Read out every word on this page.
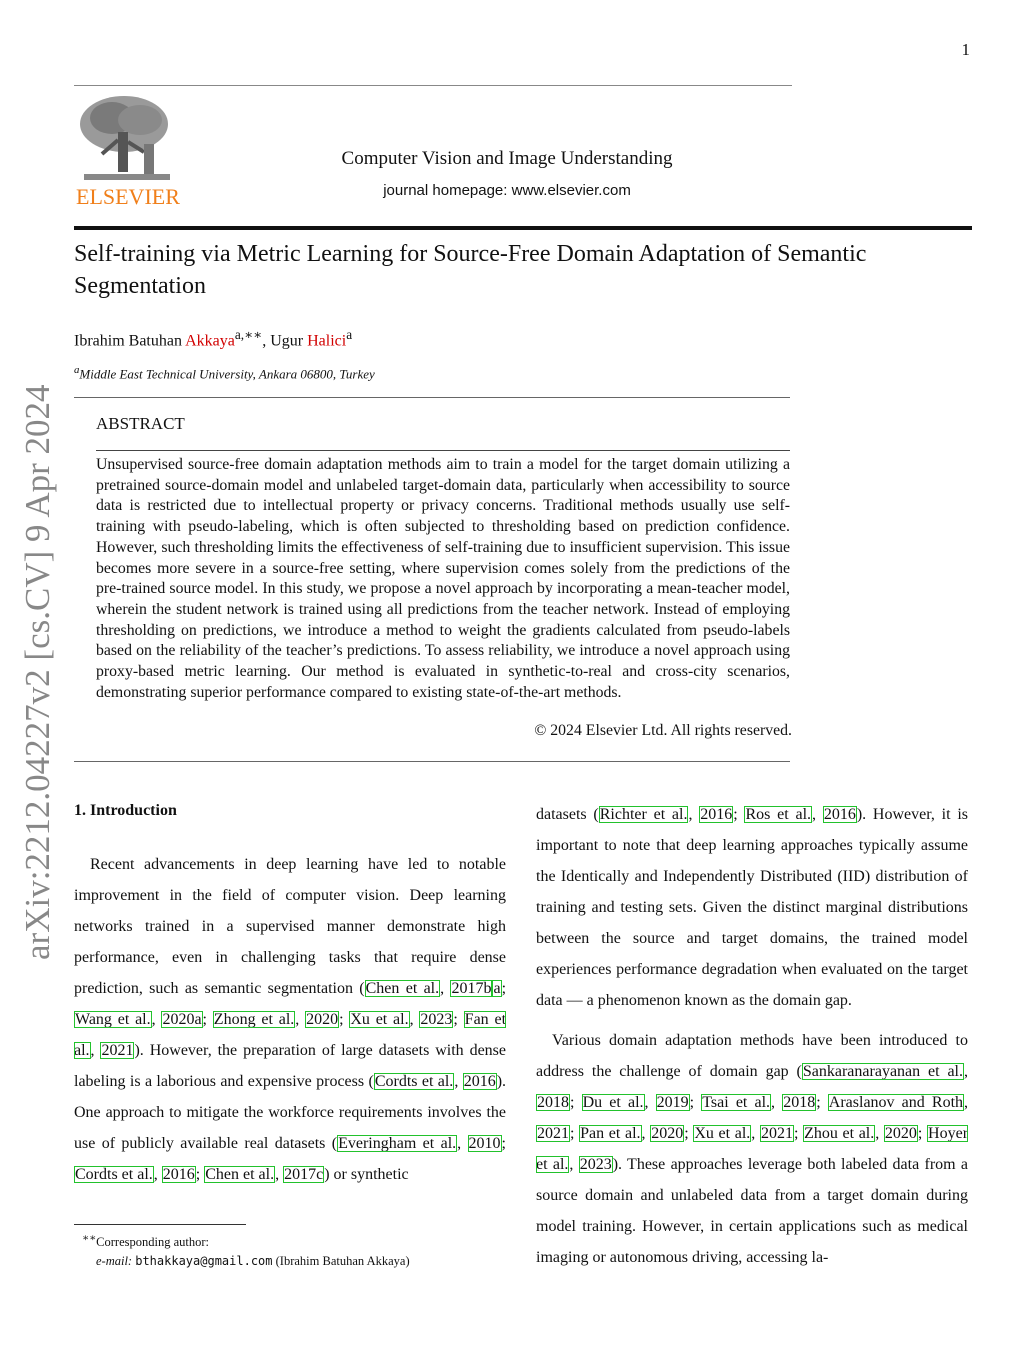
1
ELSEVIER
Computer Vision and Image Understanding
journal homepage: www.elsevier.com
Self-training via Metric Learning for Source-Free Domain Adaptation of Semantic Segmentation
Ibrahim Batuhan Akkaya$^{a,∗∗}$, Ugur Halici$^a$
$^a$Middle East Technical University, Ankara 06800, Turkey
ABSTRACT
Unsupervised source-free domain adaptation methods aim to train a model for the target domain utilizing a pretrained source-domain model and unlabeled target-domain data, particularly when accessibility to source data is restricted due to intellectual property or privacy concerns. Traditional methods usually use self-training with pseudo-labeling, which is often subjected to thresholding based on prediction confidence. However, such thresholding limits the effectiveness of self-training due to insufficient supervision. This issue becomes more severe in a source-free setting, where supervision comes solely from the predictions of the pre-trained source model. In this study, we propose a novel approach by incorporating a mean-teacher model, wherein the student network is trained using all predictions from the teacher network. Instead of employing thresholding on predictions, we introduce a method to weight the gradients calculated from pseudo-labels based on the reliability of the teacher’s predictions. To assess reliability, we introduce a novel approach using proxy-based metric learning. Our method is evaluated in synthetic-to-real and cross-city scenarios, demonstrating superior performance compared to existing state-of-the-art methods.
© 2024 Elsevier Ltd. All rights reserved.
arXiv:2212.04227v2 [cs.CV] 9 Apr 2024	1. Introduction

Recent advancements in deep learning have led to notable improvement in the field of computer vision. Deep learning networks trained in a supervised manner demonstrate high performance, even in challenging tasks that require dense prediction, such as semantic segmentation (Chen et al., 2017b a; Wang et al., 2020a; Zhong et al., 2020; Xu et al., 2023; Fan et al., 2021). However, the preparation of large datasets with dense labeling is a laborious and expensive process (Cordts et al., 2016). One approach to mitigate the workforce requirements involves the use of publicly available real datasets (Everingham et al., 2010; Cordts et al., 2016; Chen et al., 2017c) or synthetic

datasets (Richter et al., 2016; Ros et al., 2016). However, it is important to note that deep learning approaches typically assume the Identically and Independently Distributed (IID) distribution of training and testing sets. Given the distinct marginal distributions between the source and target domains, the trained model experiences performance degradation when evaluated on the target data — a phenomenon known as the domain gap.

Various domain adaptation methods have been introduced to address the challenge of domain gap (Sankaranarayanan et al., 2018; Du et al., 2019; Tsai et al., 2018; Araslanov and Roth, 2021; Pan et al., 2020; Xu et al., 2021; Zhou et al., 2020; Hoyer et al., 2023). These approaches leverage both labeled data from a source domain and unlabeled data from a target domain during model training. However, in certain applications such as medical imaging or autonomous driving, accessing la-

∗∗Corresponding author:
e-mail: bthakkaya@gmail.com (Ibrahim Batuhan Akkaya)
